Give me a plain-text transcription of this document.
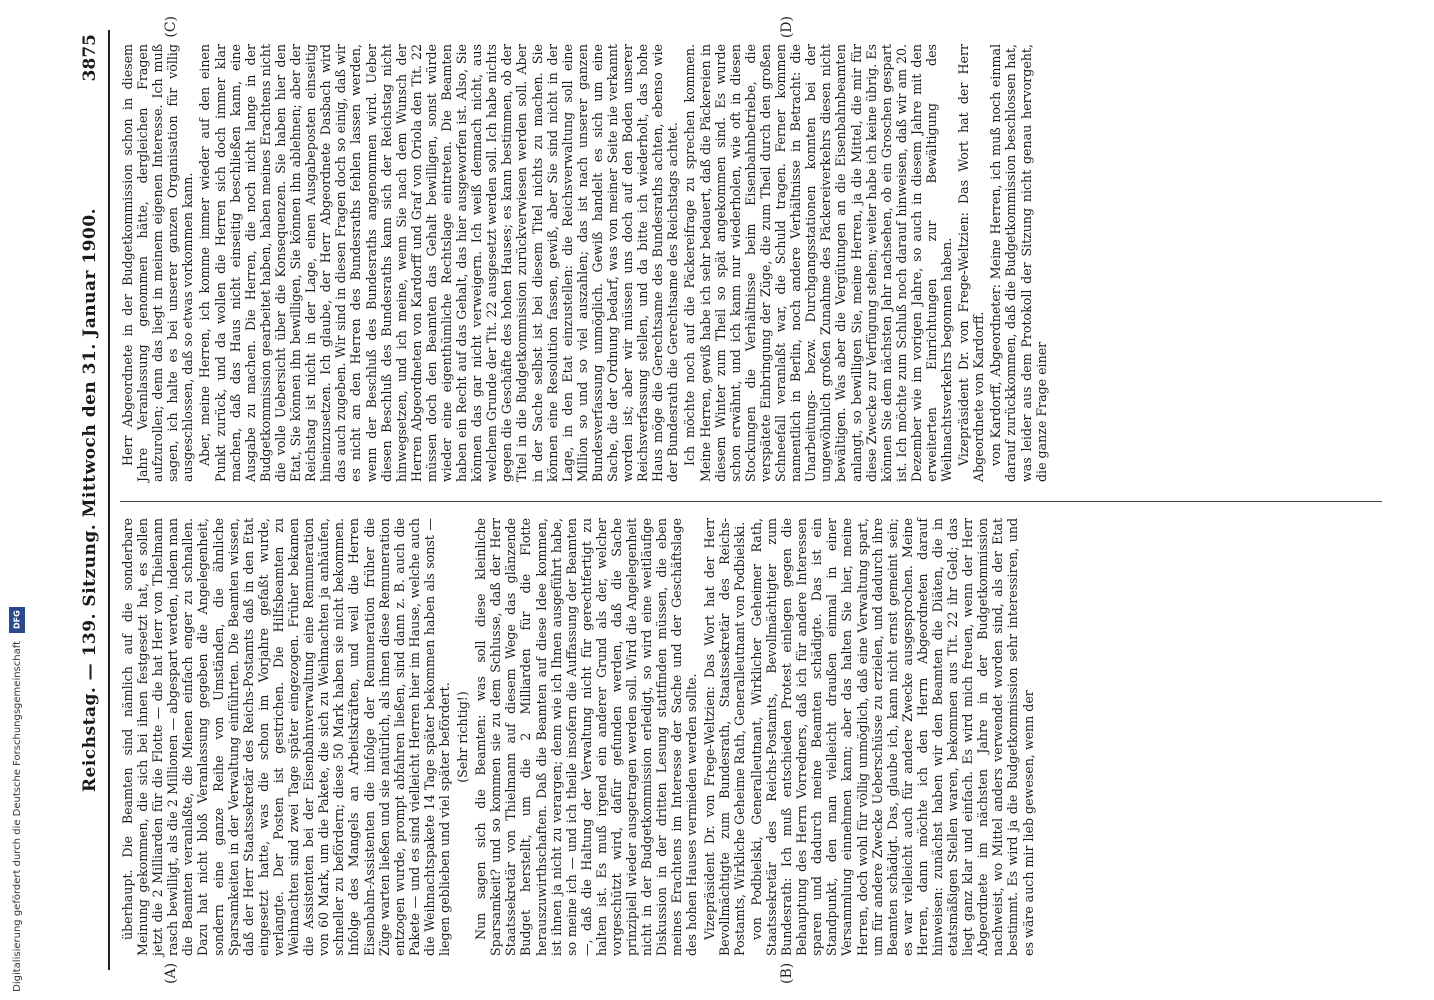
DFG
Digitalisierung gefördert durch die Deutsche Forschungsgemeinschaft
Reichstag. — 139. Sitzung. Mittwoch den 31. Januar 1900.
3875
(A)	(B)

überhaupt. Die Beamten sind nämlich auf die sonderbare Meinung gekommen, die sich bei ihnen festgesetzt hat, es sollen jetzt die 2 Milliarden für die Flotte — die hat Herr von Thielmann rasch bewilligt, als die 2 Millionen — abgespart werden, indem man die Beamten veranlaßte, die Mienen einfach enger zu schnallen. Dazu hat nicht bloß Veranlassung gegeben die Angelegenheit, sondern eine ganze Reihe von Umständen, die ähnliche Sparsamkeiten in der Verwaltung einführten. Die Beamten wissen, daß der Herr Staatssekretär des Reichs-Postamts daß in den Etat eingesetzt hatte, was die schon im Vorjahre gefaßt wurde, verlangte. Der Posten ist gestrichen. Die Hilfsbeamten zu Weihnachten sind zwei Tage später eingezogen. Früher bekamen die Assistenten bei der Eisenbahnverwaltung eine Remuneration von 60 Mark, um die Pakete, die sich zu Weihnachten ja anhäufen, schneller zu befördern; diese 50 Mark haben sie nicht bekommen. Infolge des Mangels an Arbeitskräften, und weil die Herren Eisenbahn-Assistenten die infolge der Remuneration früher die Züge warten ließen und sie natürlich, als ihnen diese Remuneration entzogen wurde, prompt abfahren ließen, sind dann z. B. auch die Pakete — und es sind vielleicht Herren hier im Hause, welche auch die Weihnachtspakete 14 Tage später bekommen haben als sonst — liegen geblieben und viel später befördert. (Sehr richtig!) Nun sagen sich die Beamten: was soll diese kleinliche Sparsamkeit? und so kommen sie zu dem Schlusse, daß der Herr Staatssekretär von Thielmann auf diesem Wege das glänzende Budget herstellt, um die 2 Milliarden für die Flotte herauszuwirthschaften. Daß die Beamten auf diese Idee kommen, ist ihnen ja nicht zu verargen; denn wie ich Ihnen ausgeführt habe, so meine ich — und ich theile insofern die Auffassung der Beamten —, daß die Haltung der Verwaltung nicht für gerechtfertigt zu halten ist. Es muß irgend ein anderer Grund als der, welcher vorgeschützt wird, dafür gefunden werden, daß die Sache prinzipiell wieder ausgetragen werden soll. Wird die Angelegenheit nicht in der Budgetkommission erledigt, so wird eine weitläufige Diskussion in der dritten Lesung stattfinden müssen, die eben meines Erachtens im Interesse der Sache und der Geschäftslage des hohen Hauses vermieden werden sollte. Vizepräsident Dr. von Frege-Weltzien: Das Wort hat der Herr Bevollmächtigte zum Bundesrath, Staatssekretär des Reichs-Postamts, Wirkliche Geheime Rath, Generalleutnant von Podbielski. von Podbielski, Generalleutnant, Wirklicher Geheimer Rath, Staatssekretär des Reichs-Postamts, Bevollmächtigter zum Bundesrath: Ich muß entschieden Protest einlegen gegen die Behauptung des Herrn Vorredners, daß ich für andere Interessen sparen und dadurch meine Beamten schädigte. Das ist ein Standpunkt, den man vielleicht draußen einmal in einer Versammlung einnehmen kann; aber das halten Sie hier, meine Herren, doch wohl für völlig unmöglich, daß eine Verwaltung spart, um für andere Zwecke Ueberschüsse zu erzielen, und dadurch ihre Beamten schädigt. Das, glaube ich, kann nicht ernst gemeint sein; es war vielleicht auch für andere Zwecke ausgesprochen. Meine Herren, dann möchte ich den Herrn Abgeordneten darauf hinweisen: zunächst haben wir den Beamten die Diäten, die in etatsmäßigen Stellen waren, bekommen aus Tit. 22 ihr Geld; das liegt ganz klar und einfach. Es wird mich freuen, wenn der Herr Abgeordnete im nächsten Jahre in der Budgetkommission nachweist, wo Mittel anders verwendet worden sind, als der Etat bestimmt. Es wird ja die Budgetkommission sehr interessiren, und es wäre auch mir lieb gewesen, wenn der

(C)	(D)

Herr Abgeordnete in der Budgetkommission schon in diesem Jahre Veranlassung genommen hätte, dergleichen Fragen aufzurollen; denn das liegt in meinem eigenen Interesse. Ich muß sagen, ich halte es bei unserer ganzen Organisation für völlig ausgeschlossen, daß so etwas vorkommen kann. Aber, meine Herren, ich komme immer wieder auf den einen Punkt zurück, und da wollen die Herren sich doch immer klar machen, daß das Haus nicht einseitig beschließen kann, eine Ausgabe zu machen. Die Herren, die noch nicht lange in der Budgetkommission gearbeitet haben, haben meines Erachtens nicht die volle Uebersicht über die Konsequenzen. Sie haben hier den Etat, Sie können ihn bewilligen, Sie können ihn ablehnen; aber der Reichstag ist nicht in der Lage, einen Ausgabeposten einseitig hineinzusetzen. Ich glaube, der Herr Abgeordnete Dasbach wird das auch zugeben. Wir sind in diesen Fragen doch so einig, daß wir es nicht an den Herren des Bundesraths fehlen lassen werden, wenn der Beschluß des Bundesraths angenommen wird. Ueber diesen Beschluß des Bundesraths kann sich der Reichstag nicht hinwegsetzen, und ich meine, wenn Sie nach dem Wunsch der Herren Abgeordneten von Kardorff und Graf von Oriola den Tit. 22 müssen doch den Beamten das Gehalt bewilligen, sonst würde wieder eine eigenthümliche Rechtslage eintreten. Die Beamten haben ein Recht auf das Gehalt, das hier ausgeworfen ist. Also, Sie können das gar nicht verweigern. Ich weiß demnach nicht, aus welchem Grunde der Tit. 22 ausgesetzt werden soll. Ich habe nichts gegen die Geschäfte des hohen Hauses; es kann bestimmen, ob der Titel in die Budgetkommission zurückverwiesen werden soll. Aber in der Sache selbst ist bei diesem Titel nichts zu machen. Sie können eine Resolution fassen, gewiß, aber Sie sind nicht in der Lage, in den Etat einzustellen: die Reichsverwaltung soll eine Million so und so viel auszahlen; das ist nach unserer ganzen Bundesverfassung unmöglich. Gewiß handelt es sich um eine Sache, die der Ordnung bedarf, was von meiner Seite nie verkannt worden ist; aber wir müssen uns doch auf den Boden unserer Reichsverfassung stellen, und da bitte ich wiederholt, das hohe Haus möge die Gerechtsame des Bundesraths achten, ebenso wie der Bundesrath die Gerechtsame des Reichstags achtet. Ich möchte noch auf die Päckereifrage zu sprechen kommen. Meine Herren, gewiß habe ich sehr bedauert, daß die Päckereien in diesem Winter zum Theil so spät angekommen sind. Es wurde schon erwähnt, und ich kann nur wiederholen, wie oft in diesen Stockungen die Verhältnisse beim Eisenbahnbetriebe, die verspätete Einbringung der Züge, die zum Theil durch den großen Schneefall veranlaßt war, die Schuld tragen. Ferner kommen namentlich in Berlin, noch andere Verhältnisse in Betracht: die Unarbeitungs- bezw. Durchgangsstationen konnten bei der ungewöhnlich großen Zunahme des Päckereiverkehrs diesen nicht bewältigen. Was aber die Vergütungen an die Eisenbahnbeamten anlangt, so bewilligen Sie, meine Herren, ja die Mittel, die mir für diese Zwecke zur Verfügung stehen; weiter habe ich keine übrig. Es können Sie dem nächsten Jahr nachsehen, ob ein Groschen gespart ist. Ich möchte zum Schluß noch darauf hinweisen, daß wir am 20. Dezember wie im vorigen Jahre, so auch in diesem Jahre mit den erweiterten Einrichtungen zur Bewältigung des Weihnachtsverkehrs begonnen haben. Vizepräsident Dr. von Frege-Weltzien: Das Wort hat der Herr Abgeordnete von Kardorff. von Kardorff, Abgeordneter: Meine Herren, ich muß noch einmal darauf zurückkommen, daß die Budgetkommission beschlossen hat, was leider aus dem Protokoll der Sitzung nicht genau hervorgeht, die ganze Frage einer
